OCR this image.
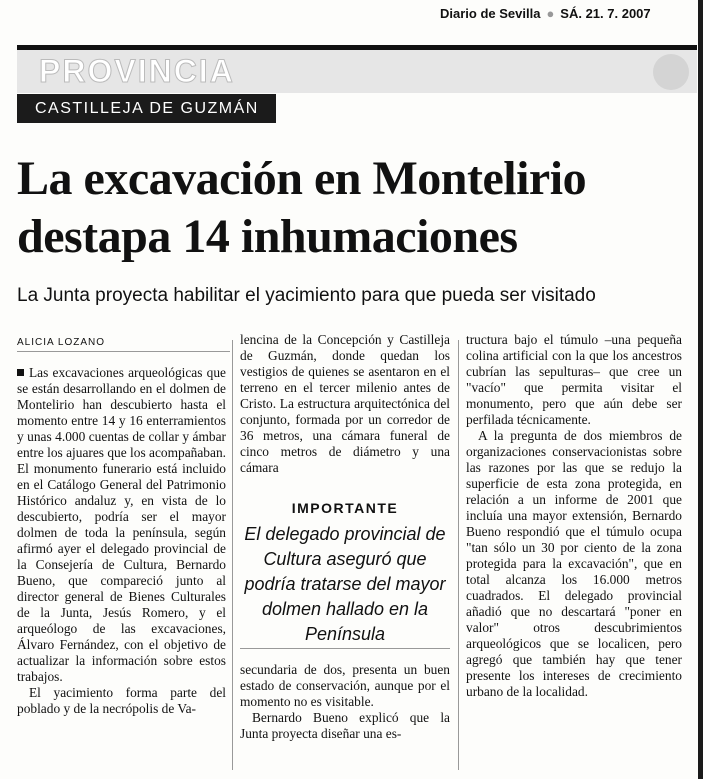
Diario de Sevilla ● SÁ. 21. 7. 2007
PROVINCIA
CASTILLEJA DE GUZMÁN
La excavación en Montelirio
destapa 14 inhumaciones
La Junta proyecta habilitar el yacimiento para que pueda ser visitado
ALICIA LOZANO

Las excavaciones arqueológicas que se están desarrollando en el dolmen de Montelirio han descubierto hasta el momento entre 14 y 16 enterramientos y unas 4.000 cuentas de collar y ámbar entre los ajuares que los acompañaban. El monumento funerario está incluido en el Catálogo General del Patrimonio Histórico andaluz y, en vista de lo descubierto, podría ser el mayor dolmen de toda la península, según afirmó ayer el delegado provincial de la Consejería de Cultura, Bernardo Bueno, que compareció junto al director general de Bienes Culturales de la Junta, Jesús Romero, y el arqueólogo de las excavaciones, Álvaro Fernández, con el objetivo de actualizar la información sobre estos trabajos.

El yacimiento forma parte del poblado y de la necrópolis de Va-

lencina de la Concepción y Castilleja de Guzmán, donde quedan los vestigios de quienes se asentaron en el terreno en el tercer milenio antes de Cristo. La estructura arquitectónica del conjunto, formada por un corredor de 36 metros, una cámara funeral de cinco metros de diámetro y una cámara

IMPORTANTE
El delegado provincial de Cultura aseguró que podría tratarse del mayor dolmen hallado en la Península

secundaria de dos, presenta un buen estado de conservación, aunque por el momento no es visitable.

Bernardo Bueno explicó que la Junta proyecta diseñar una es-

tructura bajo el túmulo –una pequeña colina artificial con la que los ancestros cubrían las sepulturas– que cree un "vacío" que permita visitar el monumento, pero que aún debe ser perfilada técnicamente.

A la pregunta de dos miembros de organizaciones conservacionistas sobre las razones por las que se redujo la superficie de esta zona protegida, en relación a un informe de 2001 que incluía una mayor extensión, Bernardo Bueno respondió que el túmulo ocupa "tan sólo un 30 por ciento de la zona protegida para la excavación", que en total alcanza los 16.000 metros cuadrados. El delegado provincial añadió que no descartará "poner en valor" otros descubrimientos arqueológicos que se localicen, pero agregó que también hay que tener presente los intereses de crecimiento urbano de la localidad.
